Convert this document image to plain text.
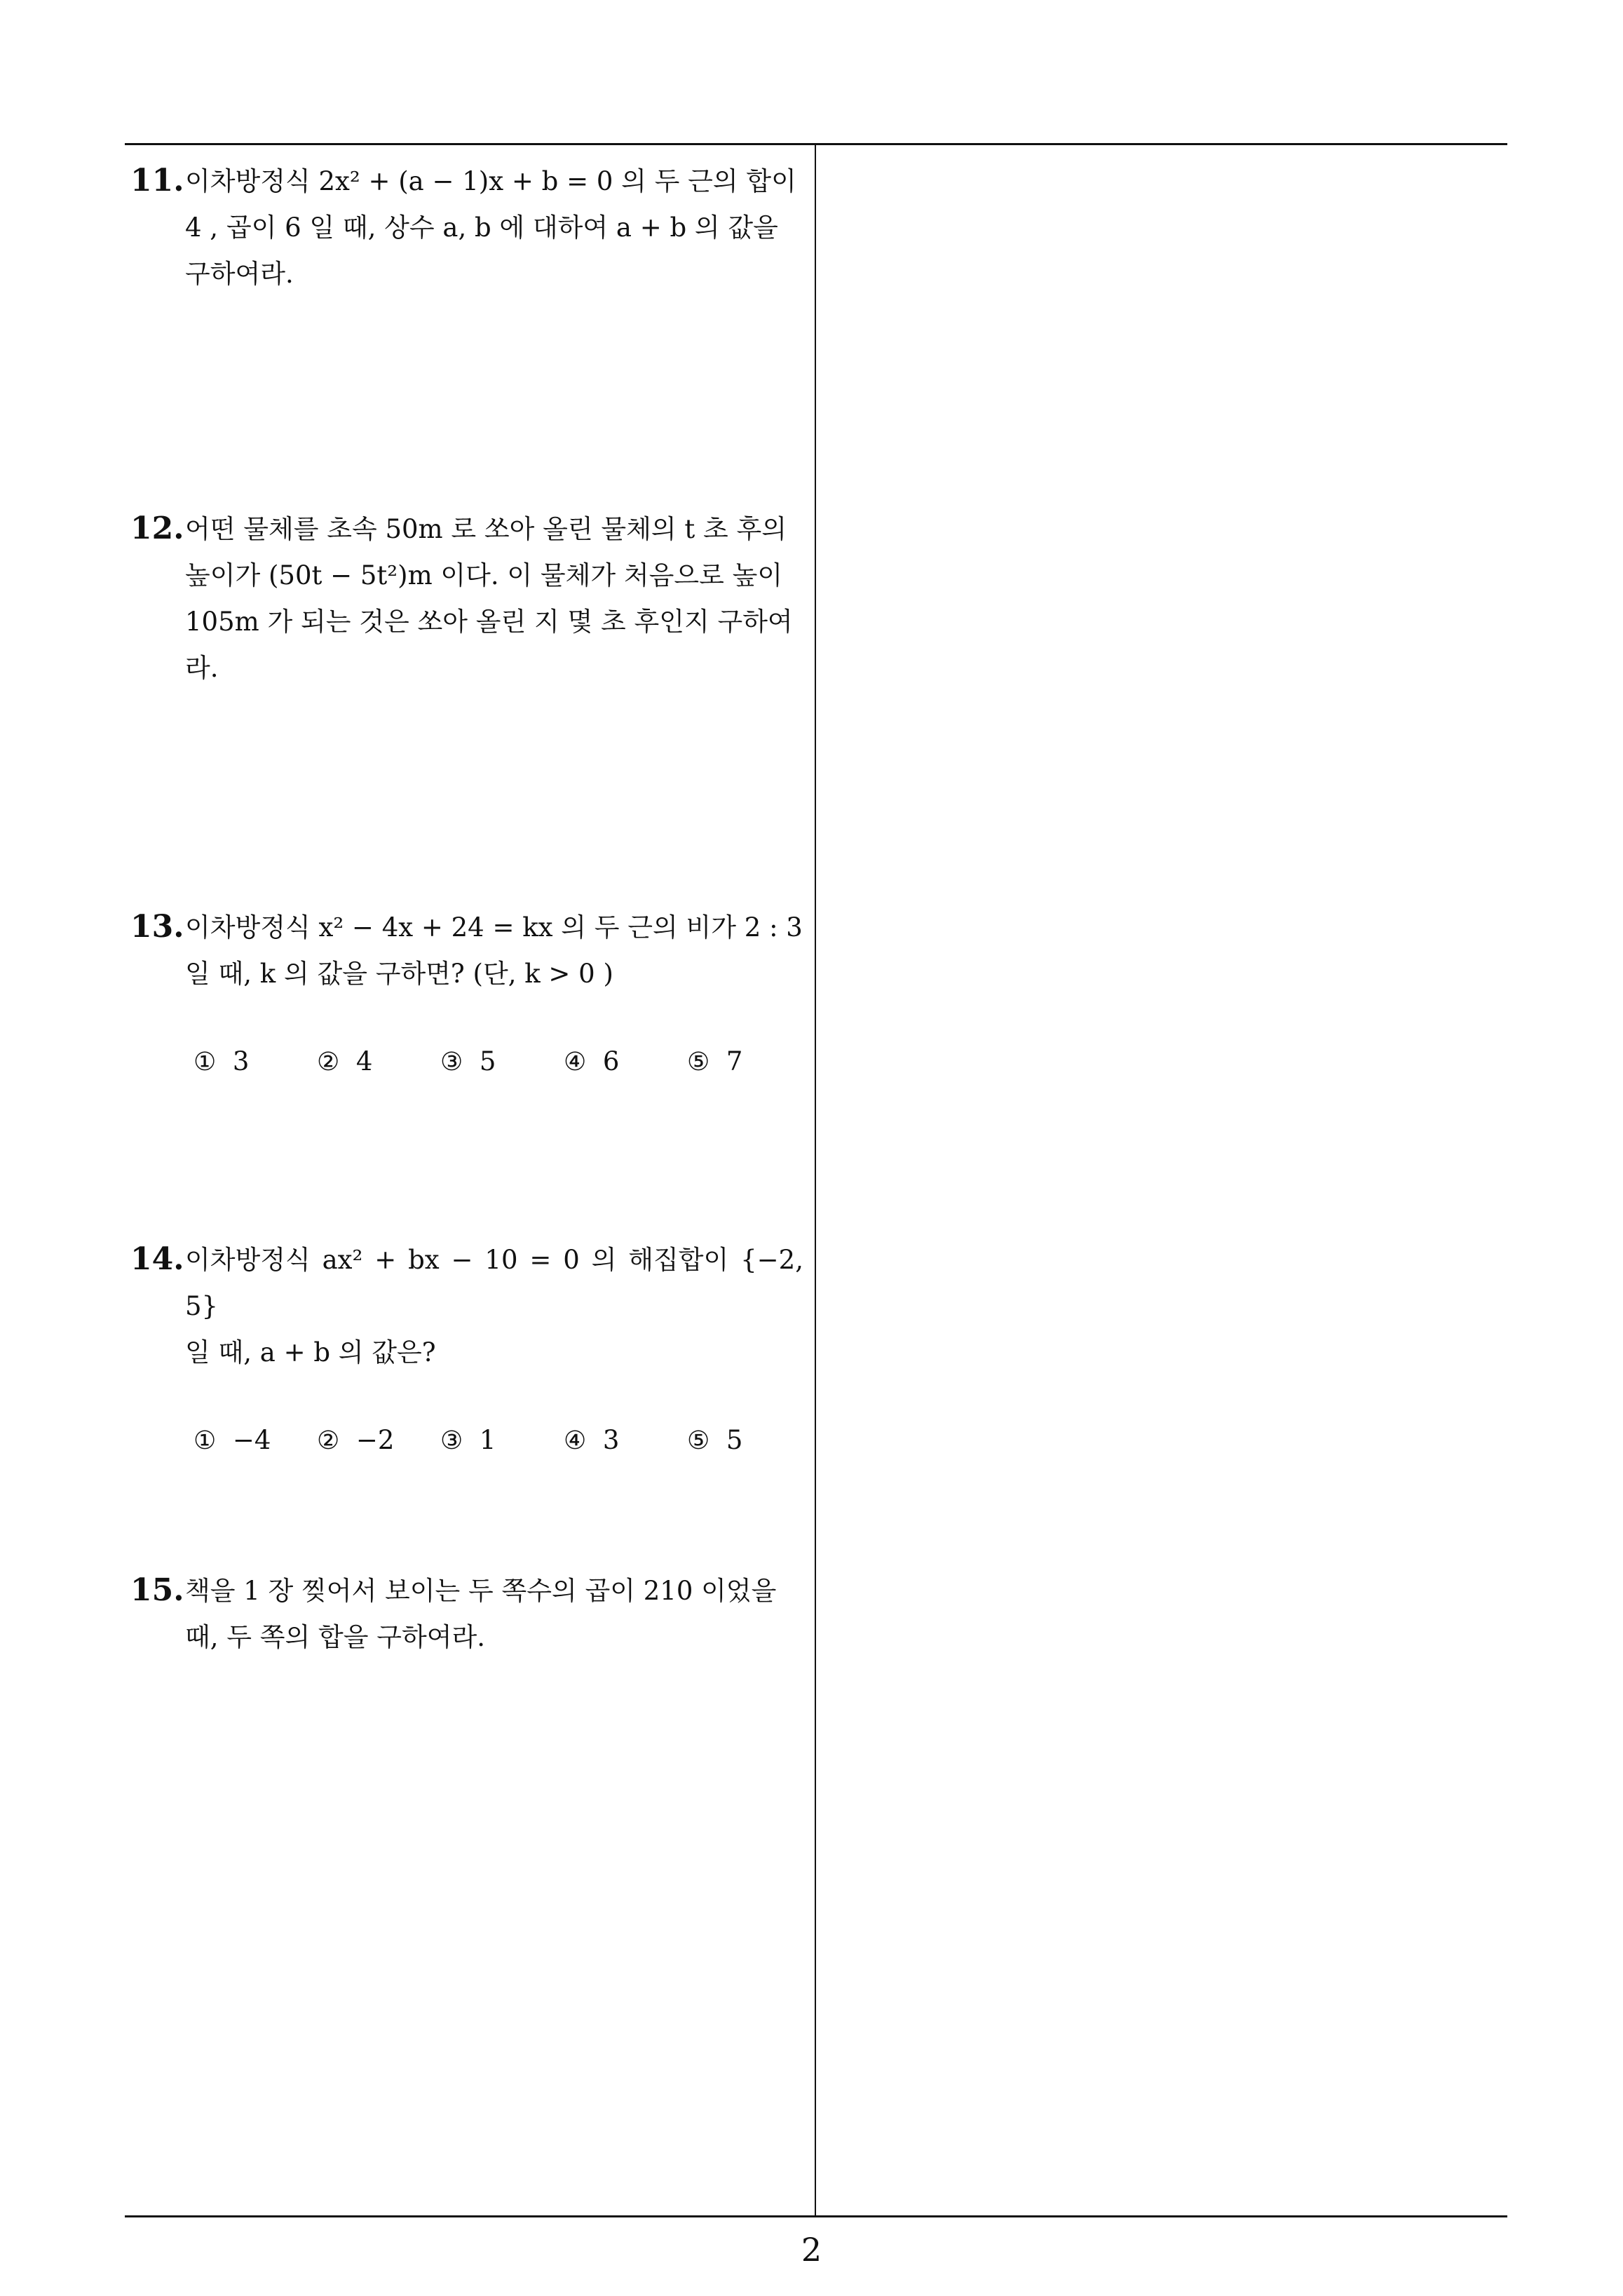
11. 이차방정식 2x² + (a − 1)x + b = 0 의 두 근의 합이
4 , 곱이 6 일 때, 상수 a, b 에 대하여 a + b 의 값을
구하여라.
12. 어떤 물체를 초속 50m 로 쏘아 올린 물체의 t 초 후의
높이가 (50t − 5t²)m 이다. 이 물체가 처음으로 높이
105m 가 되는 것은 쏘아 올린 지 몇 초 후인지 구하여
라.
13. 이차방정식 x² − 4x + 24 = kx 의 두 근의 비가 2 : 3
일 때, k 의 값을 구하면? (단, k > 0 )
① 3	② 4	③ 5	④ 6	⑤ 7
14. 이차방정식 ax² + bx − 10 = 0 의 해집합이 {−2, 5}
일 때, a + b 의 값은?
① −4 ② −2 ③ 1	④ 3	⑤ 5
15. 책을 1 장 찢어서 보이는 두 쪽수의 곱이 210 이었을
때, 두 쪽의 합을 구하여라.
2
